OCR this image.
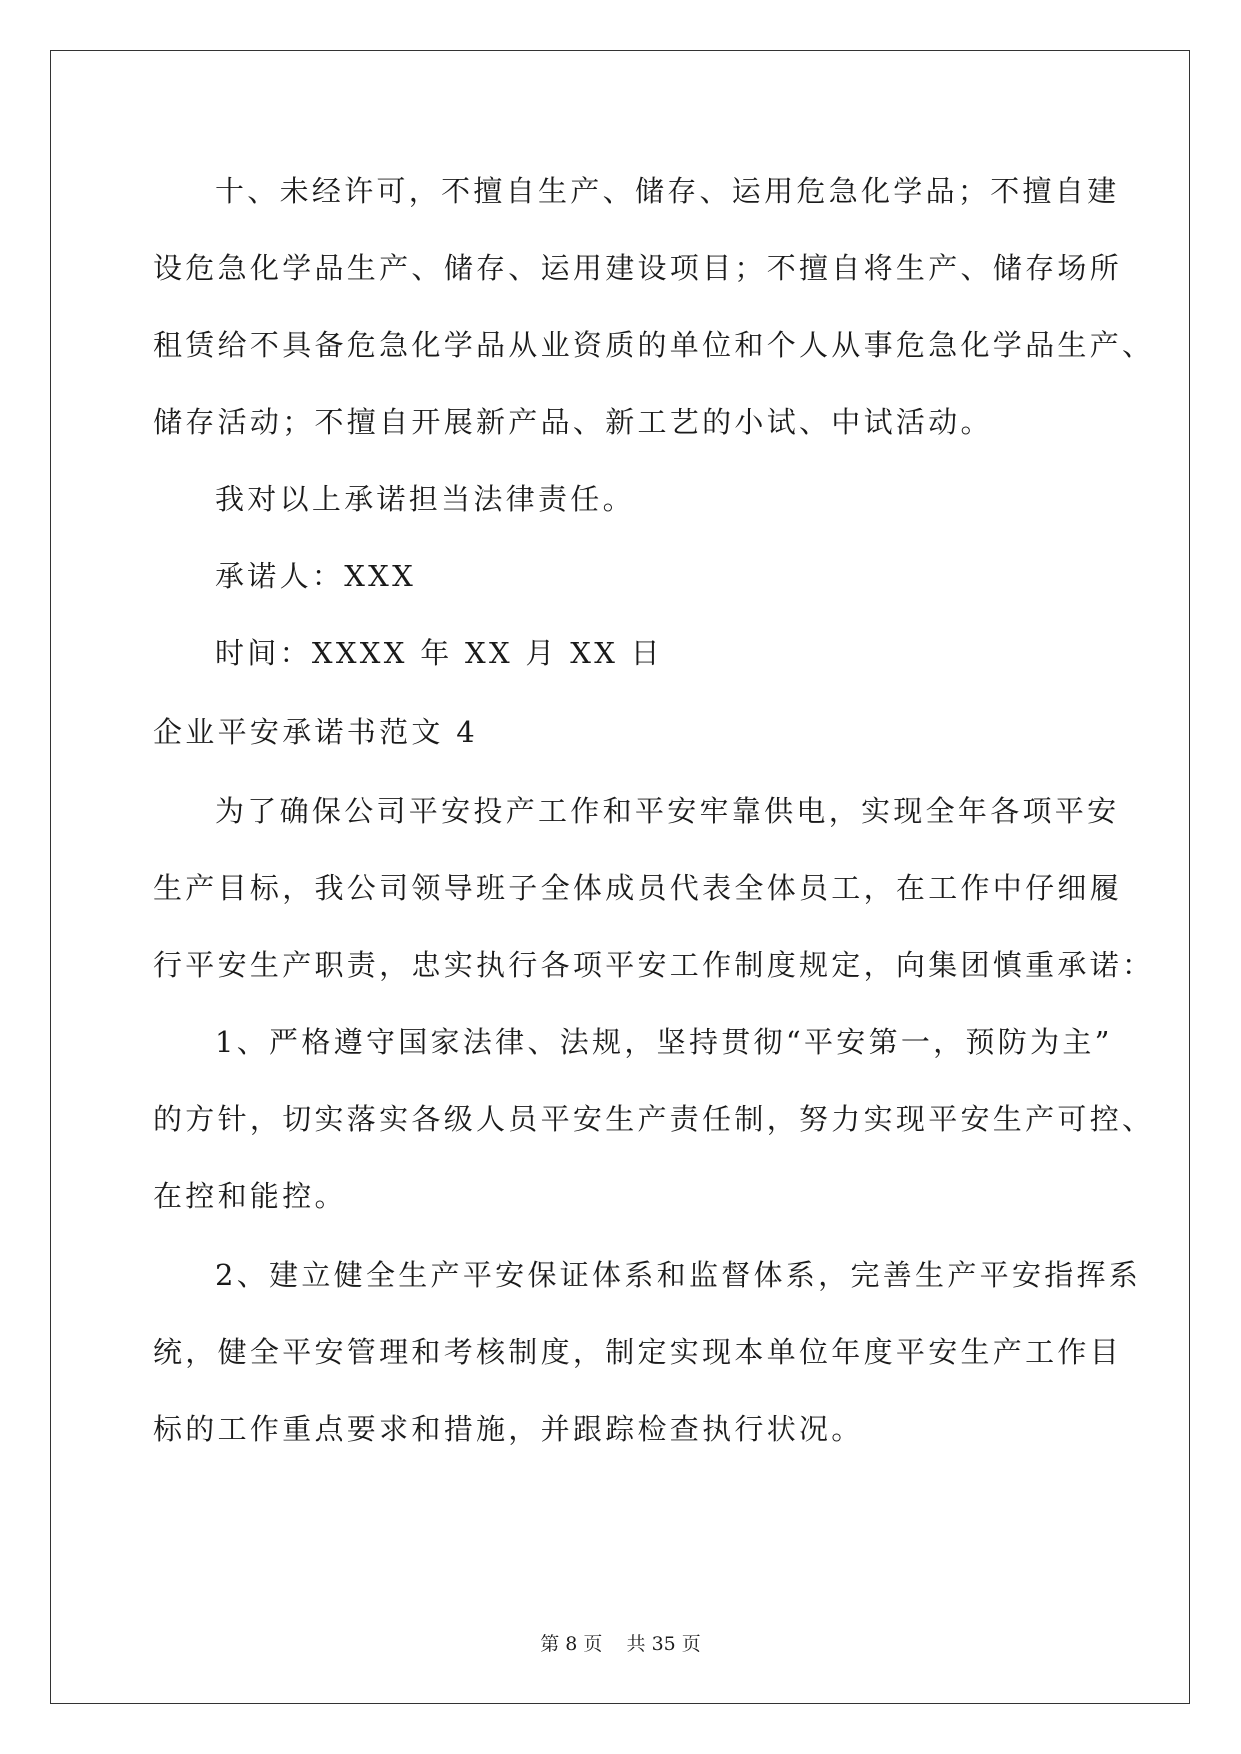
十、未经许可，不擅自生产、储存、运用危急化学品；不擅自建
设危急化学品生产、储存、运用建设项目；不擅自将生产、储存场所
租赁给不具备危急化学品从业资质的单位和个人从事危急化学品生产、
储存活动；不擅自开展新产品、新工艺的小试、中试活动。
我对以上承诺担当法律责任。
承诺人：XXX
时间：XXXX 年 XX 月 XX 日
企业平安承诺书范文 4
为了确保公司平安投产工作和平安牢靠供电，实现全年各项平安
生产目标，我公司领导班子全体成员代表全体员工，在工作中仔细履
行平安生产职责，忠实执行各项平安工作制度规定，向集团慎重承诺：
1、严格遵守国家法律、法规，坚持贯彻“平安第一，预防为主”
的方针，切实落实各级人员平安生产责任制，努力实现平安生产可控、
在控和能控。
2、建立健全生产平安保证体系和监督体系，完善生产平安指挥系
统，健全平安管理和考核制度，制定实现本单位年度平安生产工作目
标的工作重点要求和措施，并跟踪检查执行状况。
第 8 页    共 35 页
